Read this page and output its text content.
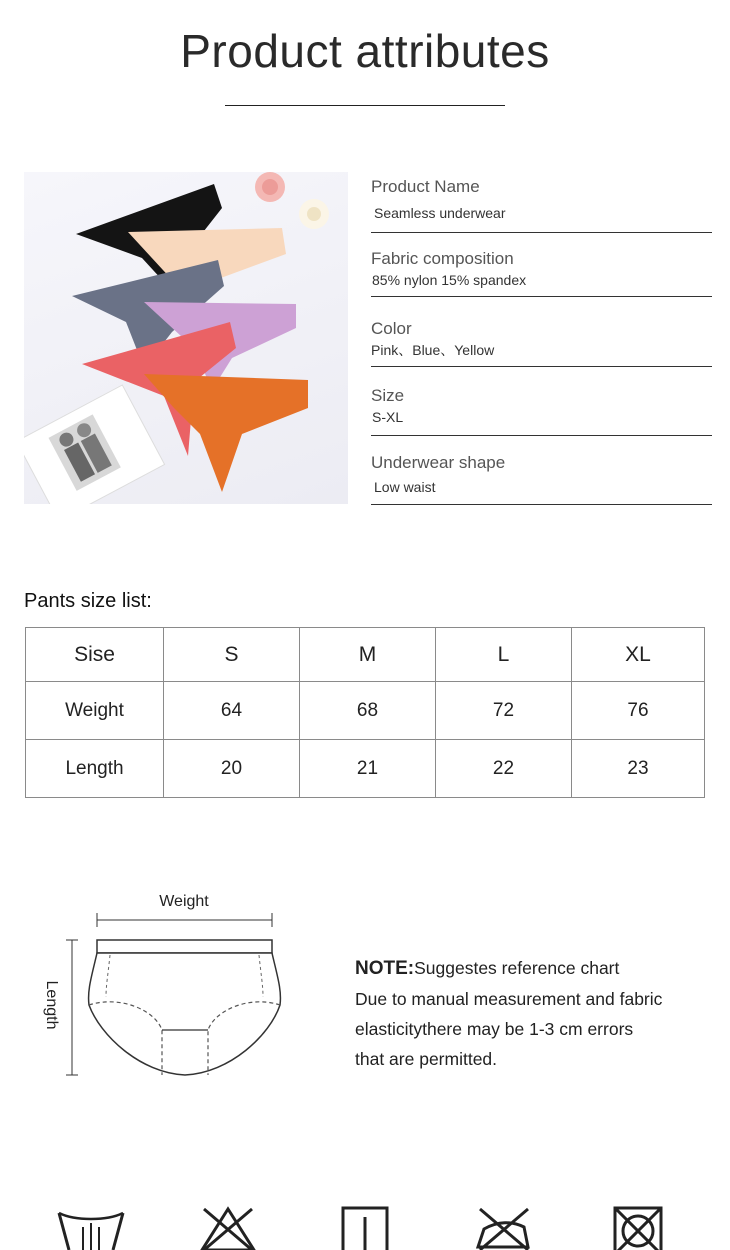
Product attributes
Product Name
Seamless underwear
Fabric composition
85% nylon 15% spandex
Color
Pink、Blue、Yellow
Size
S-XL
Underwear shape
Low waist
Pants size list:
Sise	S	M	L	XL
Weight	64	68	72	76
Length	20	21	22	23
Weight
Length
NOTE:Suggestes reference chart
Due to manual measurement and fabric
elasticitythere may be 1-3 cm errors
that are permitted.
